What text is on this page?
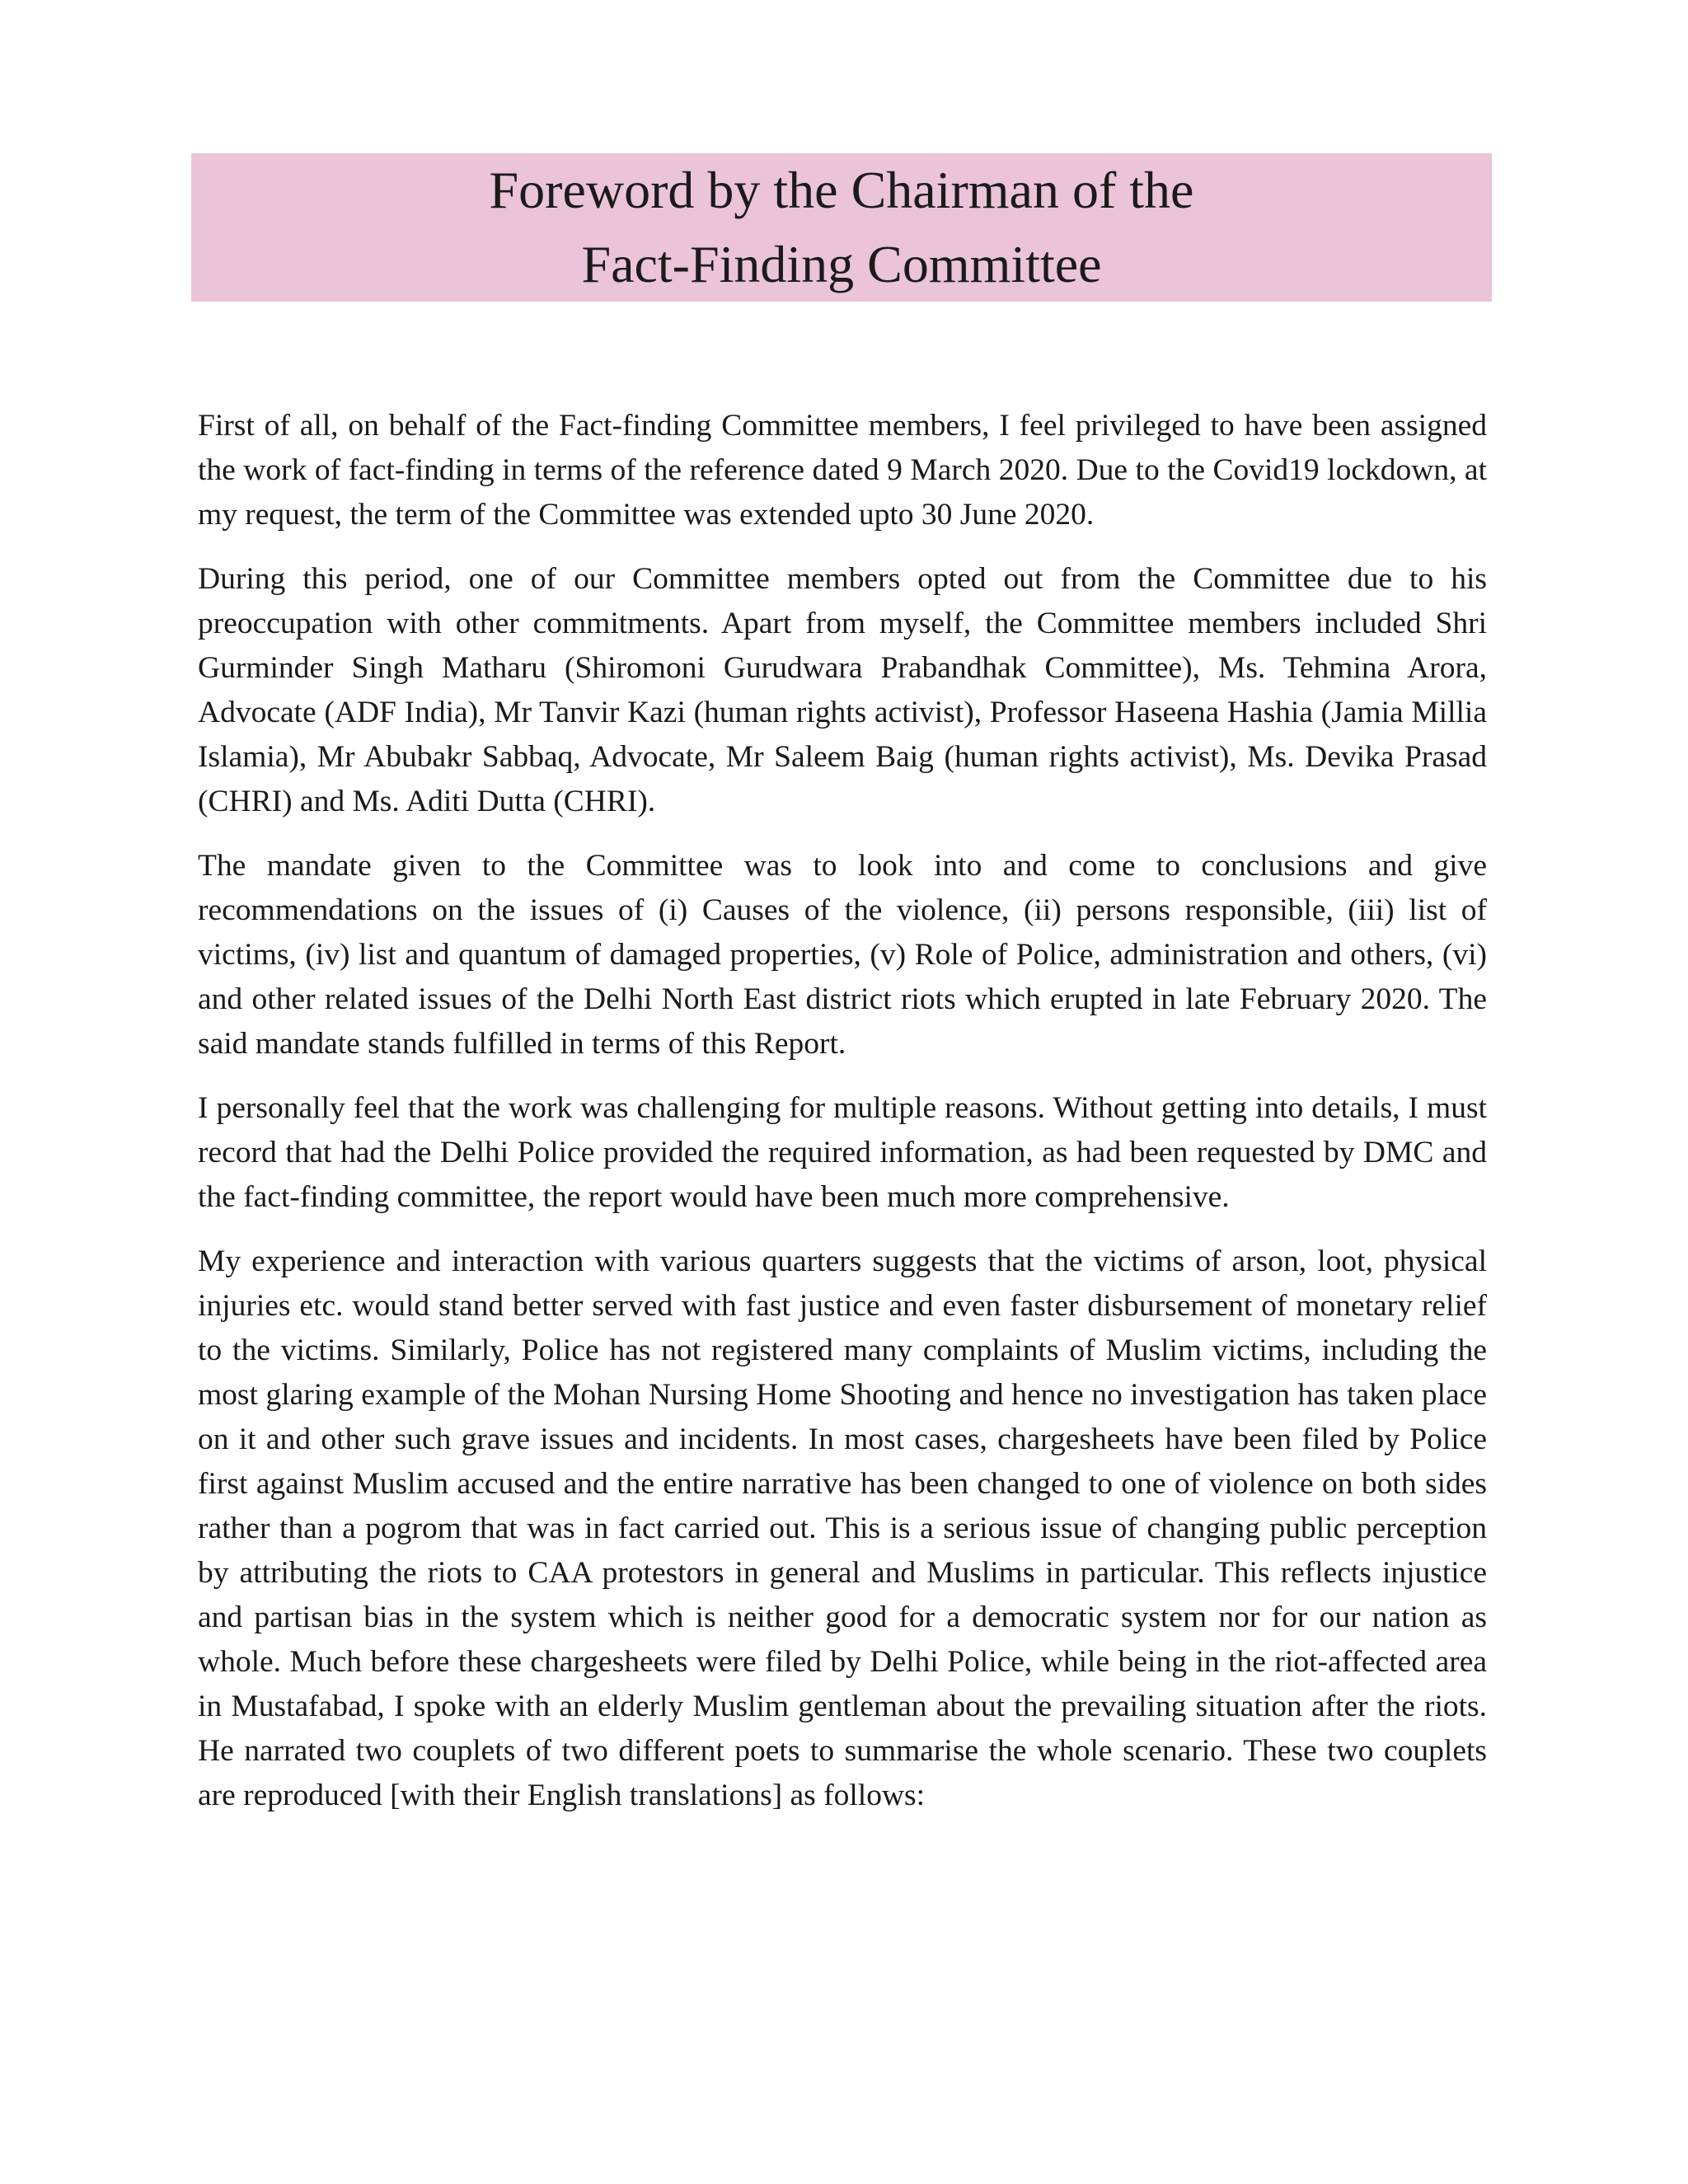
Foreword by the Chairman of the
Fact-Finding Committee

First of all, on behalf of the Fact-finding Committee members, I feel privileged to have been assigned the work of fact-finding in terms of the reference dated 9 March 2020. Due to the Covid19 lockdown, at my request, the term of the Committee was extended upto 30 June 2020.

During this period, one of our Committee members opted out from the Committee due to his preoccupation with other commitments. Apart from myself, the Committee members included Shri Gurminder Singh Matharu (Shiromoni Gurudwara Prabandhak Committee), Ms. Tehmina Arora, Advocate (ADF India), Mr Tanvir Kazi (human rights activist), Professor Haseena Hashia (Jamia Millia Islamia), Mr Abubakr Sabbaq, Advocate, Mr Saleem Baig (human rights activist), Ms. Devika Prasad (CHRI) and Ms. Aditi Dutta (CHRI).

The mandate given to the Committee was to look into and come to conclusions and give recommendations on the issues of (i) Causes of the violence, (ii) persons responsible, (iii) list of victims, (iv) list and quantum of damaged properties, (v) Role of Police, administration and others, (vi) and other related issues of the Delhi North East district riots which erupted in late February 2020. The said mandate stands fulfilled in terms of this Report.

I personally feel that the work was challenging for multiple reasons. Without getting into details, I must record that had the Delhi Police provided the required information, as had been requested by DMC and the fact-finding committee, the report would have been much more comprehensive.

My experience and interaction with various quarters suggests that the victims of arson, loot, physical injuries etc. would stand better served with fast justice and even faster disbursement of monetary relief to the victims. Similarly, Police has not registered many complaints of Muslim victims, including the most glaring example of the Mohan Nursing Home Shooting and hence no investigation has taken place on it and other such grave issues and incidents. In most cases, chargesheets have been filed by Police first against Muslim accused and the entire narrative has been changed to one of violence on both sides rather than a pogrom that was in fact carried out. This is a serious issue of changing public perception by attributing the riots to CAA protestors in general and Muslims in particular. This reflects injustice and partisan bias in the system which is neither good for a democratic system nor for our nation as whole. Much before these chargesheets were filed by Delhi Police, while being in the riot-affected area in Mustafabad, I spoke with an elderly Muslim gentleman about the prevailing situation after the riots. He narrated two couplets of two different poets to summarise the whole scenario. These two couplets are reproduced [with their English translations] as follows:
